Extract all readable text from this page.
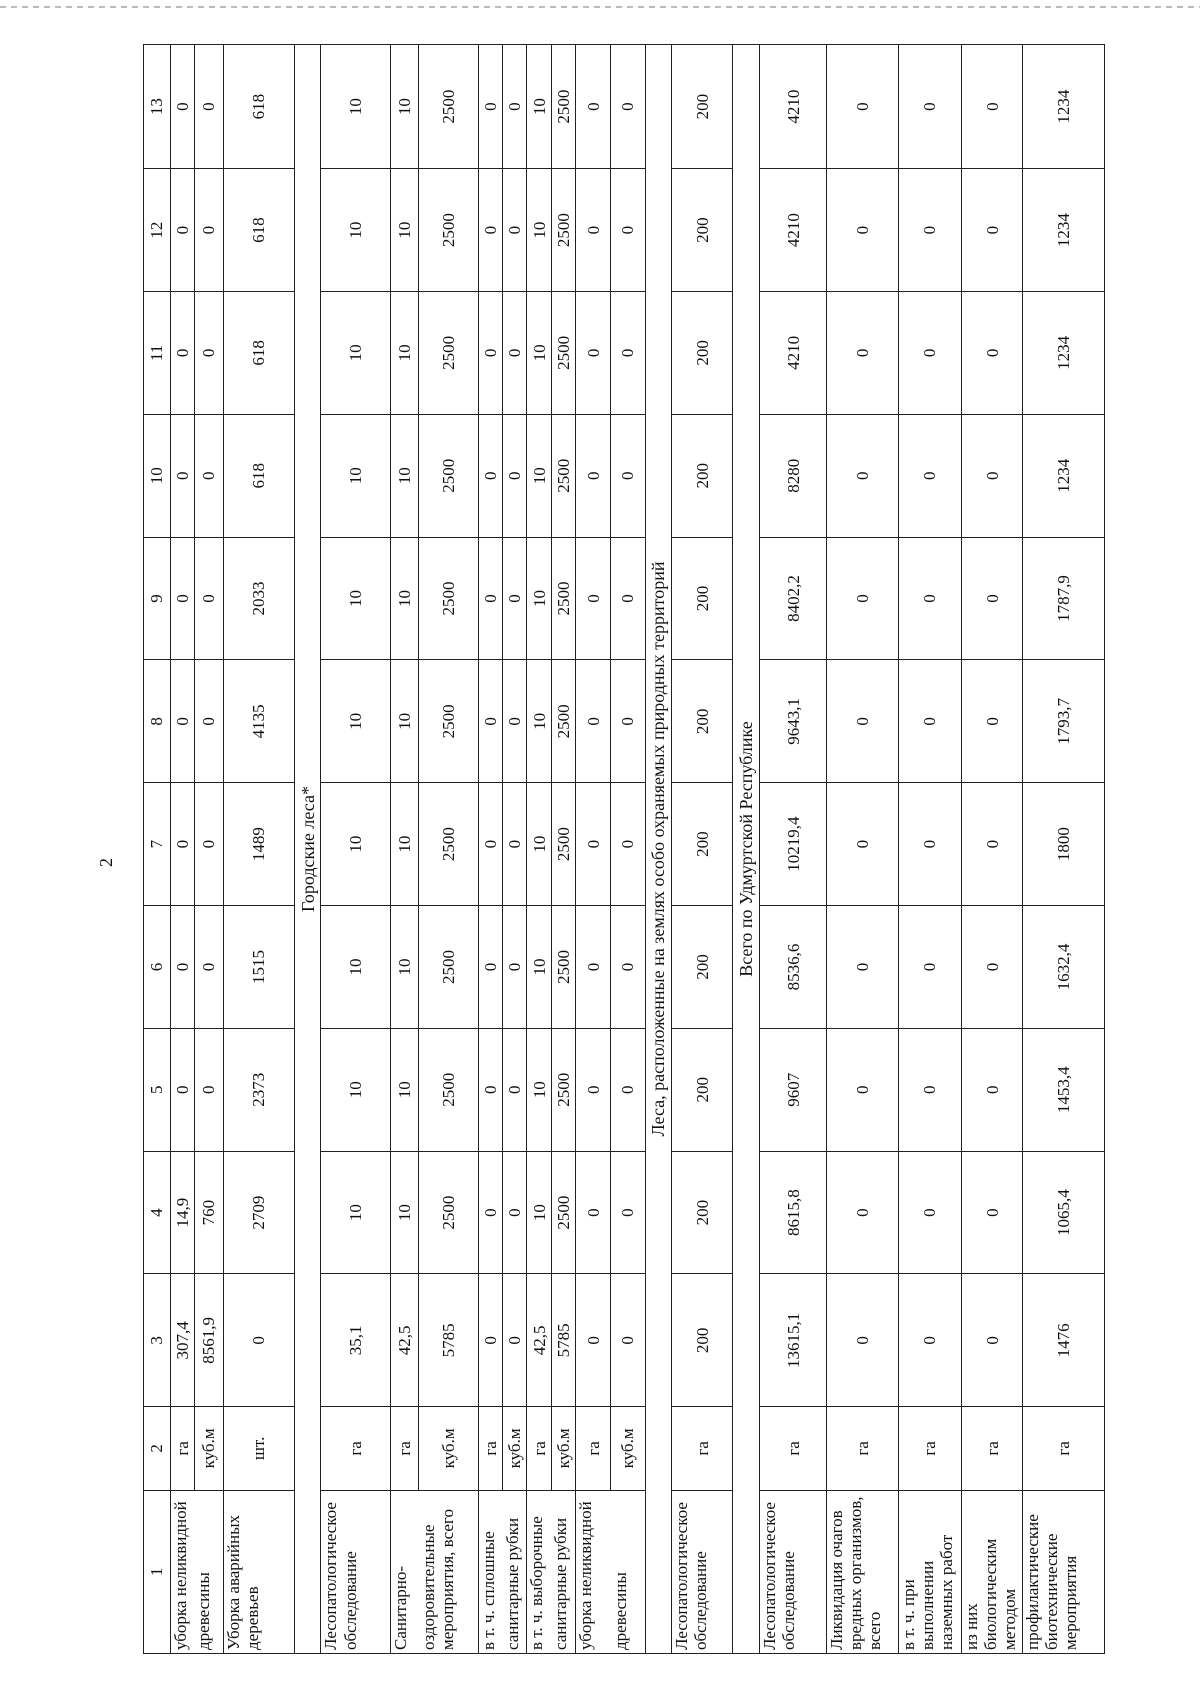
2
1	2	3	4	5	6	7	8	9	10	11	12	13
уборка неликвидной	га	307,4	14,9	0	0	0	0	0	0	0	0	0
древесины	куб.м	8561,9	760	0	0	0	0	0	0	0	0	0
Уборка аварийных деревьев	шт.	0	2709	2373	1515	1489	4135	2033	618	618	618	618
Городские леса*												
Лесопатологическое обследование	га	35,1	10	10	10	10	10	10	10	10	10	10
Санитарно-	га	42,5	10	10	10	10	10	10	10	10	10	10
оздоровительные мероприятия, всего	куб.м	5785	2500	2500	2500	2500	2500	2500	2500	2500	2500	2500
в т. ч. сплошные	га	0	0	0	0	0	0	0	0	0	0	0
санитарные рубки	куб.м	0	0	0	0	0	0	0	0	0	0	0
в т. ч. выборочные	га	42,5	10	10	10	10	10	10	10	10	10	10
санитарные рубки	куб.м	5785	2500	2500	2500	2500	2500	2500	2500	2500	2500	2500
уборка неликвидной	га	0	0	0	0	0	0	0	0	0	0	0
древесины	куб.м	0	0	0	0	0	0	0	0	0	0	0
Леса, расположенные на землях особо охраняемых природных территорий												
Лесопатологическое обследование	га	200	200	200	200	200	200	200	200	200	200	200
Всего по Удмуртской Республике												
Лесопатологическое обследование	га	13615,1	8615,8	9607	8536,6	10219,4	9643,1	8402,2	8280	4210	4210	4210
Ликвидация очагов вредных организмов, всего	га	0	0	0	0	0	0	0	0	0	0	0
в т. ч. при выполнении наземных работ	га	0	0	0	0	0	0	0	0	0	0	0
из них биологическим методом	га	0	0	0	0	0	0	0	0	0	0	0
профилактические биотехнические мероприятия	га	1476	1065,4	1453,4	1632,4	1800	1793,7	1787,9	1234	1234	1234	1234
